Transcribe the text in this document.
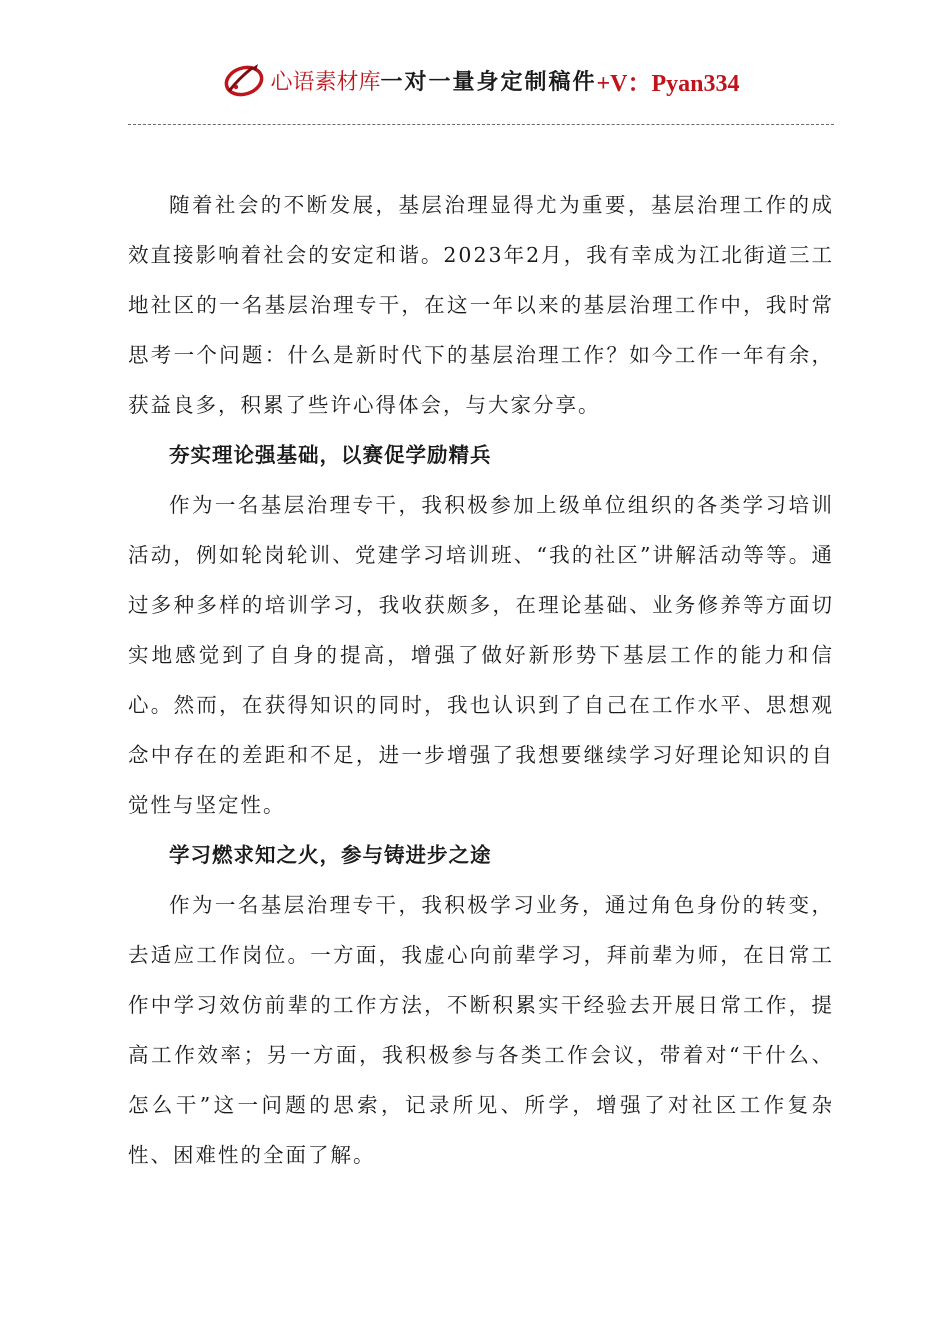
心语素材库 一对一量身定制稿件 +V：Pyan334

随着社会的不断发展，基层治理显得尤为重要，基层治理工作的成效直接影响着社会的安定和谐。2023年2月，我有幸成为江北街道三工地社区的一名基层治理专干，在这一年以来的基层治理工作中，我时常思考一个问题：什么是新时代下的基层治理工作？如今工作一年有余，获益良多，积累了些许心得体会，与大家分享。

夯实理论强基础，以赛促学励精兵

作为一名基层治理专干，我积极参加上级单位组织的各类学习培训活动，例如轮岗轮训、党建学习培训班、“我的社区”讲解活动等等。通过多种多样的培训学习，我收获颇多，在理论基础、业务修养等方面切实地感觉到了自身的提高，增强了做好新形势下基层工作的能力和信心。然而，在获得知识的同时，我也认识到了自己在工作水平、思想观念中存在的差距和不足，进一步增强了我想要继续学习好理论知识的自觉性与坚定性。

学习燃求知之火，参与铸进步之途

作为一名基层治理专干，我积极学习业务，通过角色身份的转变，去适应工作岗位。一方面，我虚心向前辈学习，拜前辈为师，在日常工作中学习效仿前辈的工作方法，不断积累实干经验去开展日常工作，提高工作效率；另一方面，我积极参与各类工作会议，带着对“干什么、怎么干”这一问题的思索，记录所见、所学，增强了对社区工作复杂性、困难性的全面了解。
